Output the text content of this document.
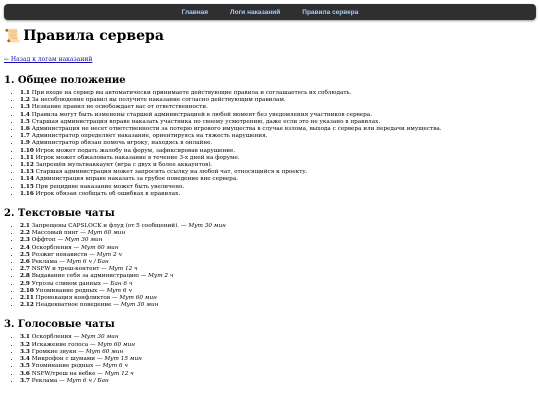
Главная	Логи наказаний	Правила сервера
📜 Правила сервера
← Назад к логам наказаний
1. Общее положение
• 1.1 При входе на сервер вы автоматически принимаете действующие правила и соглашаетесь их соблюдать.
• 1.2 За несоблюдение правил вы получите наказание согласно действующим правилам.
• 1.3 Незнание правил не освобождает вас от ответственности.
• 1.4 Правила могут быть изменены старшей администрацией в любой момент без уведомления участников сервера.
• 1.5 Старшая администрация вправе наказать участника по своему усмотрению, даже если это не указано в правилах.
• 1.6 Администрация не несет ответственности за потерю игрового имущества в случае взлома, выхода с сервера или передачи имущества.
• 1.7 Администратор определяет наказание, ориентируясь на тяжесть нарушения.
• 1.9 Администратор обязан помочь игроку, находясь в онлайне.
• 1.10 Игрок может подать жалобу на форум, зафиксировав нарушение.
• 1.11 Игрок может обжаловать наказание в течение 3-х дней на форуме.
• 1.12 Запрещён мультиаккаунт (игра с двух и более аккаунтов).
• 1.13 Старшая администрация может запросить ссылку на любой чат, относящийся к проекту.
• 1.14 Администрация вправе наказать за грубое поведение вне сервера.
• 1.15 При рецидиве наказание может быть увеличено.
• 1.16 Игрок обязан сообщать об ошибках в правилах.
2. Текстовые чаты
• 2.1 Запрещены CAPSLOCK и флуд (от 5 сообщений). — Мут 30 мин
• 2.2 Массовый пинг — Мут 60 мин
• 2.3 Оффтоп — Мут 30 мин
• 2.4 Оскорбления — Мут 60 мин
• 2.5 Розжиг ненависти — Мут 2 ч
• 2.6 Реклама — Мут 6 ч / Бан
• 2.7 NSFW и треш-контент — Мут 12 ч
• 2.8 Выдавание себя за администрацию — Мут 2 ч
• 2.9 Угрозы сливом данных — Бан 6 ч
• 2.10 Упоминание родных — Мут 6 ч
• 2.11 Провокация конфликтов — Мут 60 мин
• 2.12 Неадекватное поведение — Мут 30 мин
3. Голосовые чаты
• 3.1 Оскорбления — Мут 30 мин
• 3.2 Искажение голоса — Мут 60 мин
• 3.3 Громкие звуки — Мут 60 мин
• 3.4 Микрофон с шумами — Мут 15 мин
• 3.5 Упоминание родных — Мут 6 ч
• 3.6 NSFW/треш на вебке — Мут 12 ч
• 3.7 Реклама — Мут 6 ч / Бан
